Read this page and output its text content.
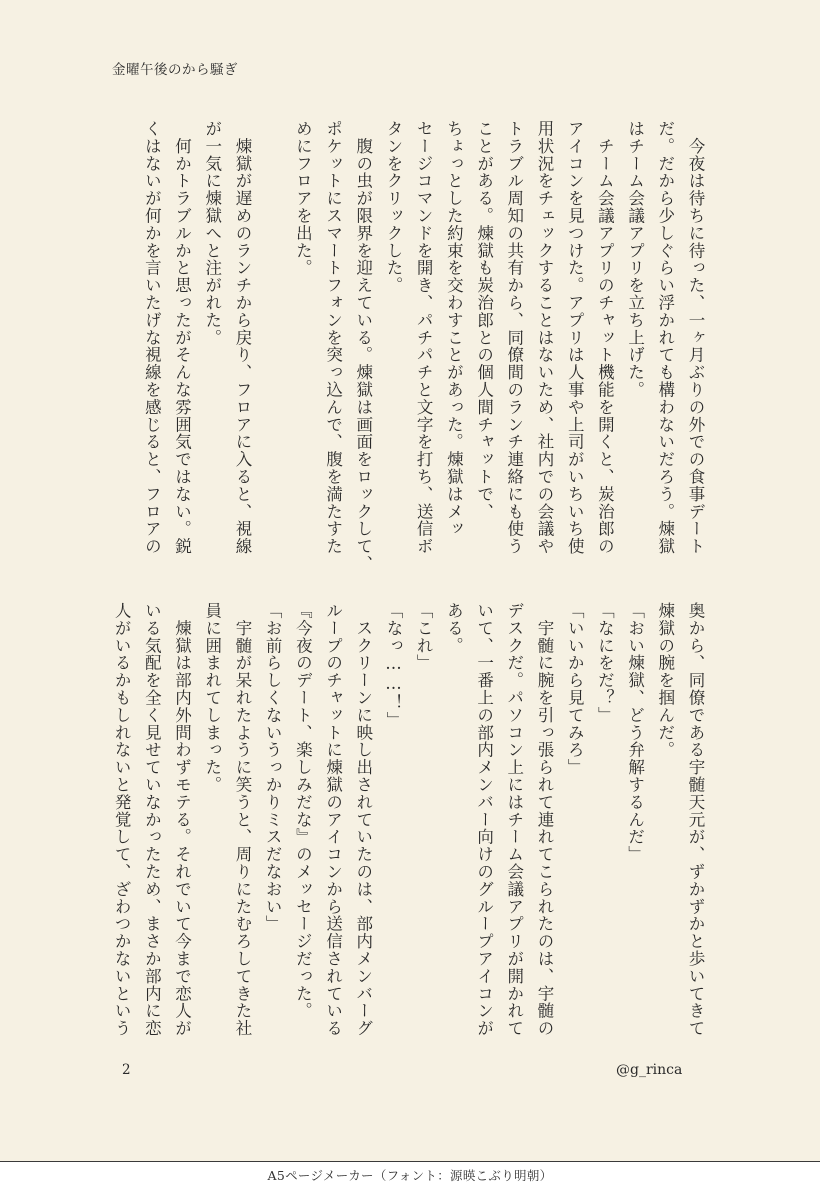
金曜午後のから騒ぎ
　今夜は待ちに待った、一ヶ月ぶりの外での食事デート
だ。だから少しぐらい浮かれても構わないだろう。煉獄
はチーム会議アプリを立ち上げた。
　チーム会議アプリのチャット機能を開くと、炭治郎の
アイコンを見つけた。アプリは人事や上司がいちいち使
用状況をチェックすることはないため、社内での会議や
トラブル周知の共有から、同僚間のランチ連絡にも使う
ことがある。煉獄も炭治郎との個人間チャットで、
ちょっとした約束を交わすことがあった。煉獄はメッ
セージコマンドを開き、パチパチと文字を打ち、送信ボ
タンをクリックした。
　腹の虫が限界を迎えている。煉獄は画面をロックして、
ポケットにスマートフォンを突っ込んで、腹を満たすた
めにフロアを出た。

　煉獄が遅めのランチから戻り、フロアに入ると、視線
が一気に煉獄へと注がれた。
　何かトラブルかと思ったがそんな雰囲気ではない。鋭
くはないが何かを言いたげな視線を感じると、フロアの
奥から、同僚である宇髄天元が、ずかずかと歩いてきて
煉獄の腕を掴んだ。
「おい煉獄、どう弁解するんだ」
「なにをだ？」
「いいから見てみろ」
　宇髄に腕を引っ張られて連れてこられたのは、宇髄の
デスクだ。パソコン上にはチーム会議アプリが開かれて
いて、一番上の部内メンバー向けのグループアイコンが
ある。
「これ」
「なっ……！」
　スクリーンに映し出されていたのは、部内メンバーグ
ループのチャットに煉獄のアイコンから送信されている
『今夜のデート、楽しみだな』のメッセージだった。
「お前らしくないうっかりミスだなおい」
　宇髄が呆れたように笑うと、周りにたむろしてきた社
員に囲まれてしまった。
　煉獄は部内外問わずモテる。それでいて今まで恋人が
いる気配を全く見せていなかったため、まさか部内に恋
人がいるかもしれないと発覚して、ざわつかないという
2	@g_rinca
A5ページメーカー（フォント：源暎こぶり明朝）
